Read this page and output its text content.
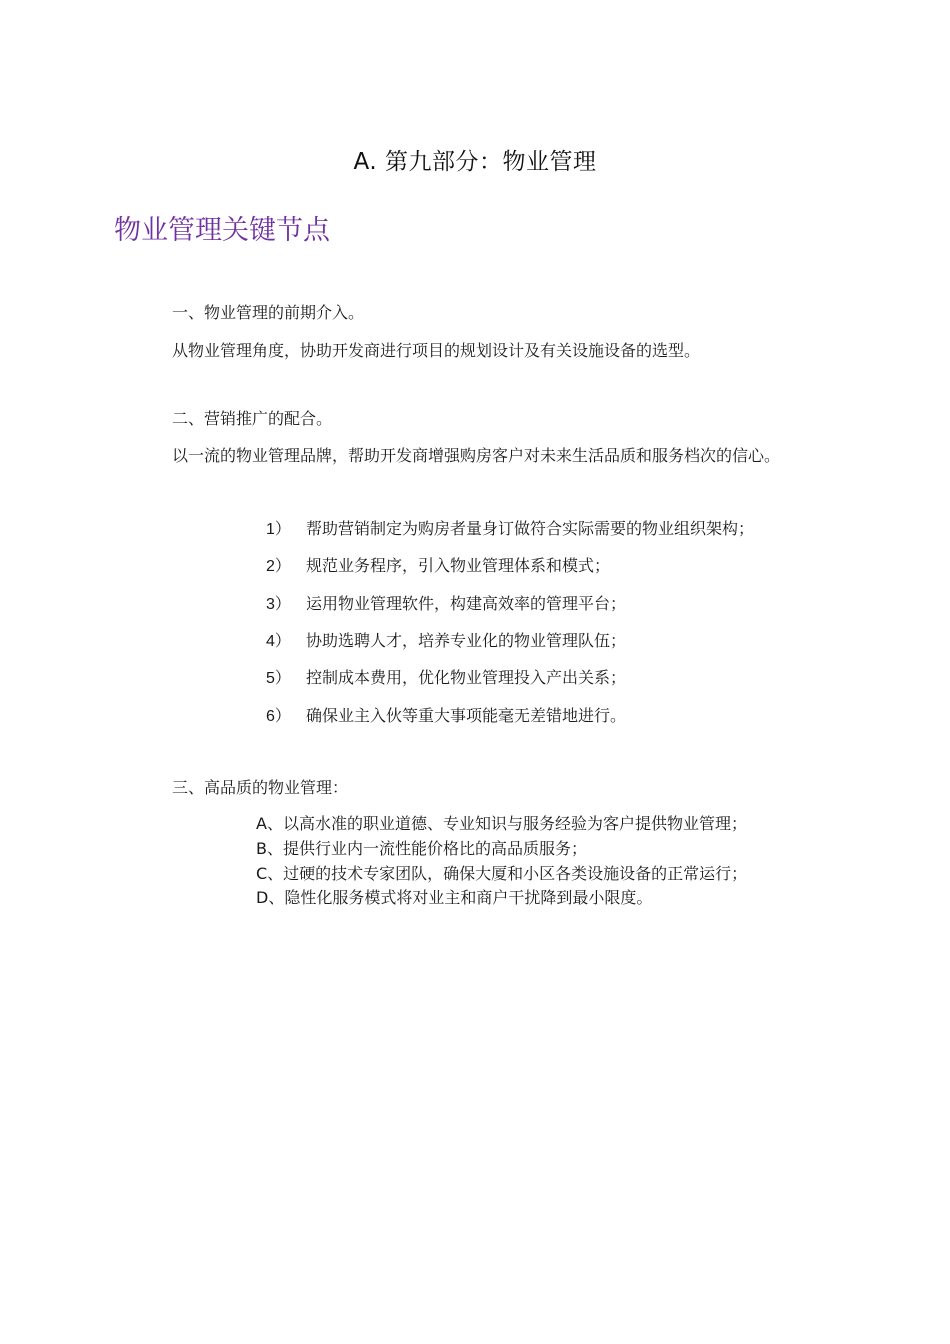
A. 第九部分：物业管理
物业管理关键节点
一、物业管理的前期介入。
从物业管理角度，协助开发商进行项目的规划设计及有关设施设备的选型。
二、营销推广的配合。
以一流的物业管理品牌，帮助开发商增强购房客户对未来生活品质和服务档次的信心。
1） 帮助营销制定为购房者量身订做符合实际需要的物业组织架构；
2） 规范业务程序，引入物业管理体系和模式；
3） 运用物业管理软件，构建高效率的管理平台；
4） 协助选聘人才，培养专业化的物业管理队伍；
5） 控制成本费用，优化物业管理投入产出关系；
6） 确保业主入伙等重大事项能毫无差错地进行。
三、高品质的物业管理：
A、以高水准的职业道德、专业知识与服务经验为客户提供物业管理；
B、提供行业内一流性能价格比的高品质服务；
C、过硬的技术专家团队，确保大厦和小区各类设施设备的正常运行；
D、隐性化服务模式将对业主和商户干扰降到最小限度。
